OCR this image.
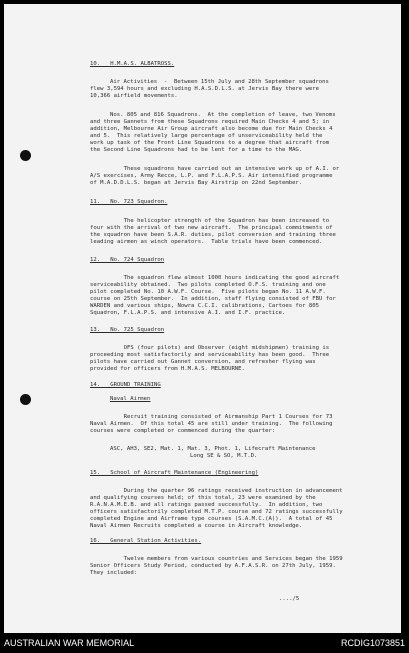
10.   H.M.A.S. ALBATROSS.

Air Activities  -  Between 15th July and 28th September squadrons

flew 3,594 hours and excluding H.A.S.D.L.S. at Jervis Bay there were

10,366 airfield movements.

Nos. 805 and 816 Squadrons.  At the completion of leave, two Venoms

and three Gannets from these Squadrons required Main Checks 4 and 5; in

addition, Melbourne Air Group aircraft also become due for Main Checks 4

and 5.  This relatively large percentage of unserviceability held the

work up task of the Front Line Squadrons to a degree that aircraft from

the Second Line Squadrons had to be lent for a time to the MAG.

These squadrons have carried out an intensive work up of A.I. or

A/S exercises, Army Recce, L.P. and F.L.A.P.S. Air intensified programme

of M.A.D.D.L.S. began at Jervis Bay Airstrip on 22nd September.

11.   No. 723 Squadron.

The helicopter strength of the Squadron has been increased to

four with the arrival of two new aircraft.  The principal commitments of

the squadron have been S.A.R. duties, pilot conversion and training three

leading airmen as winch operators.  Table trials have been commenced.

12.   No. 724 Squadron

The squadron flew almost 1000 hours indicating the good aircraft

serviceability obtained.  Two pilots completed O.F.S. training and one

pilot completed No. 10 A.W.F. Course.  Five pilots began No. 11 A.W.F.

course on 25th September.  In addition, staff flying consisted of FBU for

WARDEN and various ships, Nowra C.C.I. calibrations, Cartoes for 805

Squadron, F.L.A.P.S. and intensive A.I. and I.F. practice.

13.   No. 725 Squadron

OFS (four pilots) and Observer (eight midshipmen) training is

proceeding most satisfactorily and serviceability has been good.  Three

pilots have carried out Gannet conversion, and refresher flying was

provided for officers from H.M.A.S. MELBOURNE.

14.   GROUND TRAINING

Naval Airmen

Recruit training consisted of Airmanship Part 1 Courses for 73

Naval Airmen.  Of this total 45 are still under training.  The following

courses were completed or commenced during the quarter:

ASC, AH3, SE2, Mat. 1, Mat. 3, Phot. 1, Lifecraft Maintenance

Long SE & SO, M.T.D.

15.   School of Aircraft Maintenance (Engineering)

During the quarter 96 ratings received instruction in advancement

and qualifying courses held; of this total, 23 were examined by the

R.A.N.A.M.E.B. and all ratings passed successfully.  In addition, two

officers satisfactorily completed M.T.P. course and 72 ratings successfully

completed Engine and Airframe type courses (S.A.M.C.(A)).  A total of 45

Naval Airmen Recruits completed a course in Aircraft knowledge.

16.   General Station Activities.

Twelve members from various countries and Services began the 1959

Senior Officers Study Period, conducted by A.F.A.S.R. on 27th July, 1959.

They included:

..../5

AUSTRALIAN WAR MEMORIAL	RCDIG1073851
